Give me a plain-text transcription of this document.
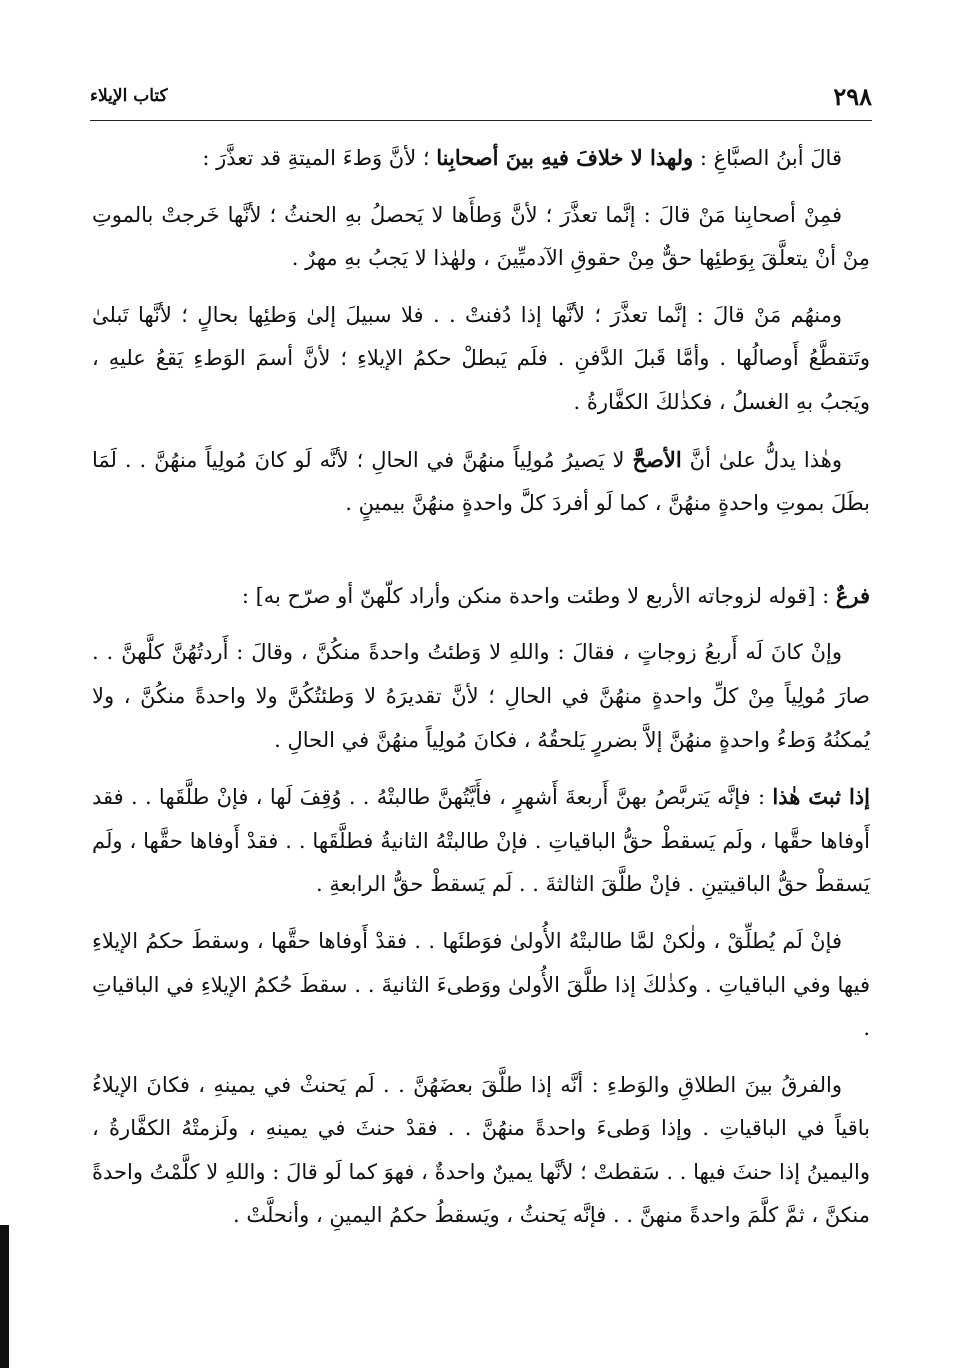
٢٩٨
كتاب الإيلاء

قالَ أبنُ الصبَّاغِ : ولهذا لا خلافَ فيهِ بينَ أصحابِنا ؛ لأنَّ وَطءَ الميتةِ قد تعذَّرَ :

فمِنْ أصحابِنا مَنْ قالَ : إنَّما تعذَّرَ ؛ لأنَّ وَطأَها لا يَحصلُ بهِ الحنثُ ؛ لأنَّها خَرجتْ بالموتِ مِنْ أنْ يتعلَّقَ بِوَطئِها حقٌّ مِنْ حقوقِ الآدميِّينَ ، ولهٰذا لا يَجبُ بهِ مهرٌ .

ومنهُم مَنْ قالَ : إنَّما تعذَّرَ ؛ لأنَّها إذا دُفنتْ . . فلا سبيلَ إلىٰ وَطئِها بحالٍ ؛ لأنَّها تَبلىٰ وتَتقطَّعُ أَوصالُها . وأمَّا قَبلَ الدَّفنِ . فلَم يَبطلْ حكمُ الإيلاءِ ؛ لأنَّ أسمَ الوَطءِ يَقعُ عليهِ ، ويَجبُ بهِ الغسلُ ، فكذٰلكَ الكفَّارةُ .

وهٰذا يدلُّ علىٰ أنَّ الأصحَّ لا يَصيرُ مُولِياً منهُنَّ في الحالِ ؛ لأنَّه لَو كانَ مُولِياً منهُنَّ . . لَمَا بطَلَ بموتِ واحدةٍ منهُنَّ ، كما لَو أفردَ كلَّ واحدةٍ منهُنَّ بيمينٍ .

فرعٌ : [قوله لزوجاته الأربع لا وطئت واحدة منكن وأراد كلّهنّ أو صرّح به] :

وإنْ كانَ لَه أَربعُ زوجاتٍ ، فقالَ : واللهِ لا وَطئتُ واحدةً منكُنَّ ، وقالَ : أَردتُهُنَّ كلَّهنَّ . . صارَ مُولِياً مِنْ كلِّ واحدةٍ منهُنَّ في الحالِ ؛ لأنَّ تقديرَهُ لا وَطئتُكُنَّ ولا واحدةً منكُنَّ ، ولا يُمكنُهُ وَطءُ واحدةٍ منهُنَّ إلاَّ بضررٍ يَلحقُهُ ، فكانَ مُولِياً منهُنَّ في الحالِ .

إذا ثبتَ هٰذا : فإنَّه يَتربَّصُ بهنَّ أَربعةَ أَشهرٍ ، فأَيَّتُهنَّ طالبتْهُ . . وُقِفَ لَها ، فإنْ طلَّقَها . . فقد أَوفاها حقَّها ، ولَم يَسقطْ حقُّ الباقياتِ . فإنْ طالبتْهُ الثانيةُ فطلَّقَها . . فقدْ أَوفاها حقَّها ، ولَم يَسقطْ حقُّ الباقيتينِ . فإنْ طلَّقَ الثالثةَ . . لَم يَسقطْ حقُّ الرابعةِ .

فإنْ لَم يُطلِّقْ ، ولٰكنْ لمَّا طالبتْهُ الأُولىٰ فوَطئَها . . فقدْ أَوفاها حقَّها ، وسقطَ حكمُ الإيلاءِ فيها وفي الباقياتِ . وكذٰلكَ إذا طلَّقَ الأُولىٰ ووَطىءَ الثانيةَ . . سقطَ حُكمُ الإيلاءِ في الباقياتِ .

والفرقُ بينَ الطلاقِ والوَطءِ : أنَّه إذا طلَّقَ بعضَهُنَّ . . لَم يَحنثْ في يمينهِ ، فكانَ الإيلاءُ باقياً في الباقياتِ . وإذا وَطىءَ واحدةً منهُنَّ . . فقدْ حنثَ في يمينهِ ، ولَزمتْهُ الكفَّارةُ ، واليمينُ إذا حنثَ فيها . . سَقطتْ ؛ لأنَّها يمينٌ واحدةٌ ، فهوَ كما لَو قالَ : واللهِ لا كلَّمْتُ واحدةً منكنَّ ، ثمَّ كلَّمَ واحدةً منهنَّ . . فإنَّه يَحنثُ ، ويَسقطُ حكمُ اليمينِ ، وأنحلَّتْ .
